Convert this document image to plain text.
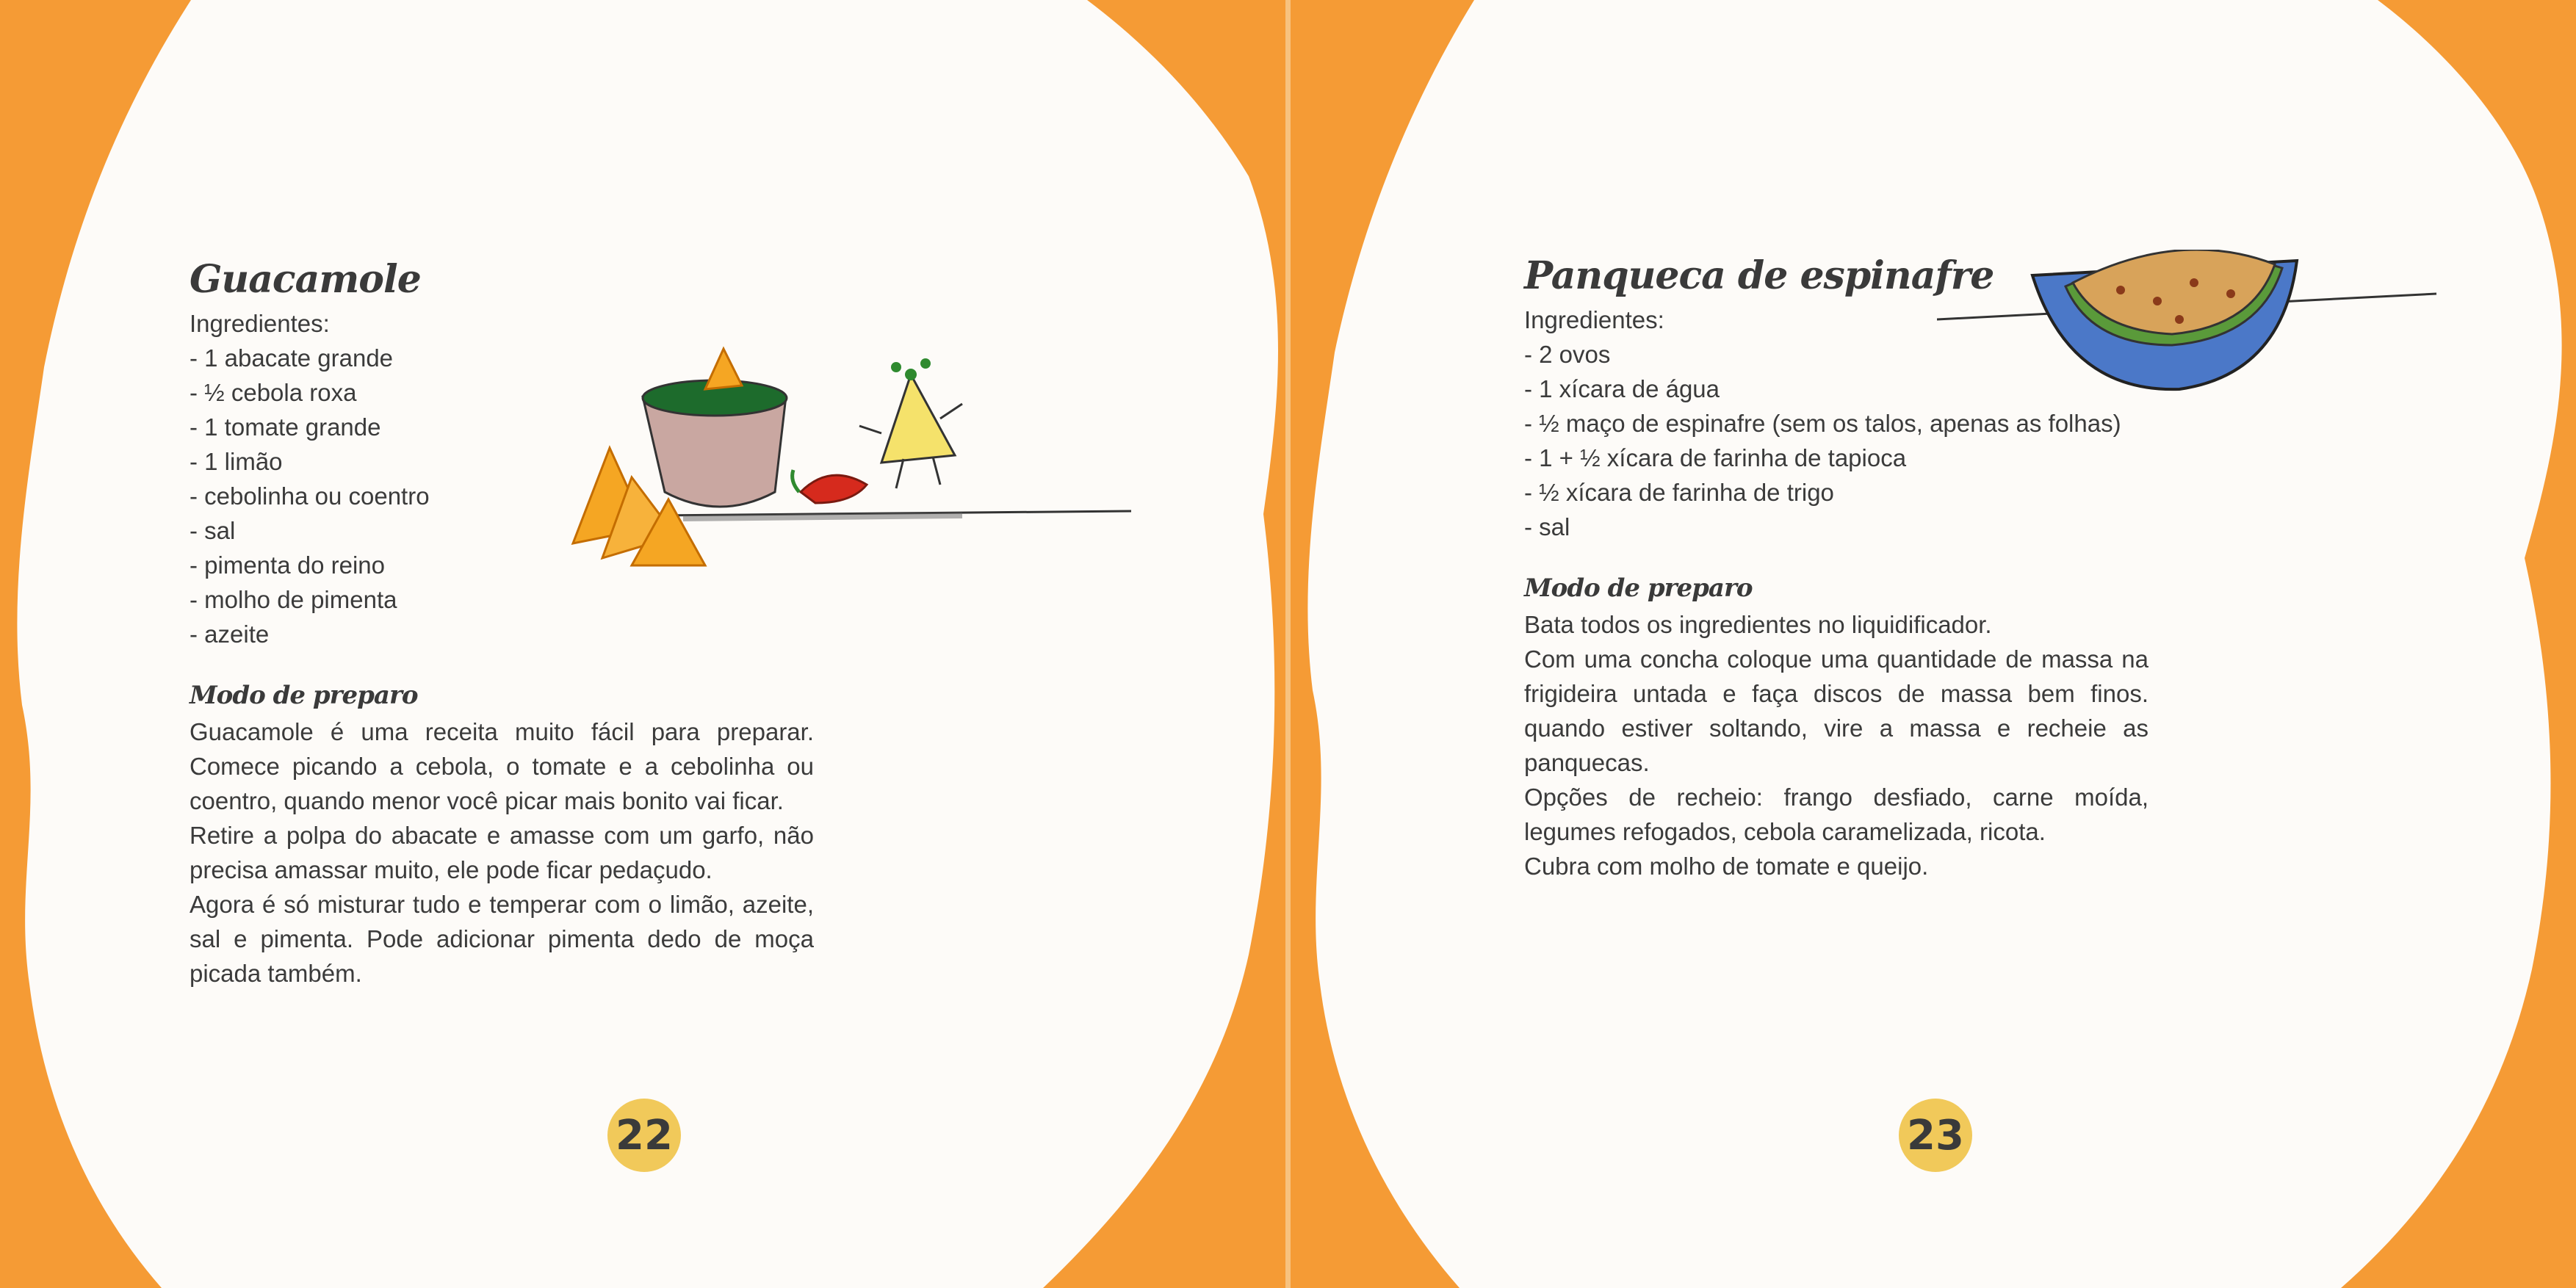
Guacamole
Ingredientes:
- 1 abacate grande
- ½ cebola roxa
- 1 tomate grande
- 1 limão
- cebolinha ou coentro
- sal
- pimenta do reino
- molho de pimenta
- azeite
Modo de preparo

Guacamole é uma receita muito fácil para preparar. Comece picando a cebola, o tomate e a cebolinha ou coentro, quando menor você picar mais bonito vai ficar.

Retire a polpa do abacate e amasse com um garfo, não precisa amassar muito, ele pode ficar pedaçudo.

Agora é só misturar tudo e temperar com o limão, azeite, sal e pimenta. Pode adicionar pimenta dedo de moça picada também.

22
Panqueca de espinafre
Ingredientes:
- 2 ovos
- 1 xícara de água
- ½ maço de espinafre (sem os talos, apenas as folhas)
- 1 + ½ xícara de farinha de tapioca
- ½ xícara de farinha de trigo
- sal
Modo de preparo

Bata todos os ingredientes no liquidificador.

Com uma concha coloque uma quantidade de massa na frigideira untada e faça discos de massa bem finos. quando estiver soltando, vire a massa e recheie as panquecas.

Opções de recheio: frango desfiado, carne moída, legumes refogados, cebola caramelizada, ricota.

Cubra com molho de tomate e queijo.

23
